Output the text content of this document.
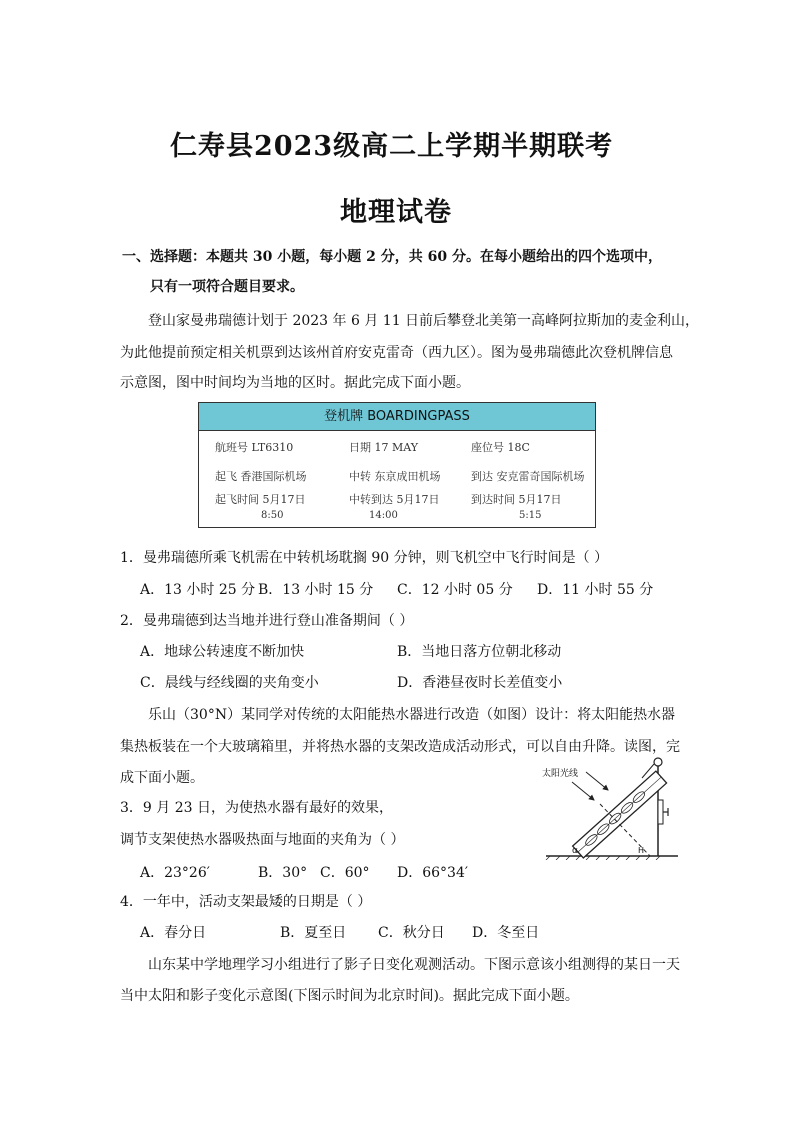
仁寿县2023级高二上学期半期联考
地理试卷
一、选择题：本题共 30 小题，每小题 2 分，共 60 分。在每小题给出的四个选项中，
只有一项符合题目要求。
登山家曼弗瑞德计划于 2023 年 6 月 11 日前后攀登北美第一高峰阿拉斯加的麦金利山，
为此他提前预定相关机票到达该州首府安克雷奇（西九区）。图为曼弗瑞德此次登机牌信息
示意图，图中时间均为当地的区时。据此完成下面小题。
登机牌 BOARDINGPASS
航班号 LT6310	日期 17 MAY	座位号 18C
起飞 香港国际机场	中转 东京成田机场	到达 安克雷奇国际机场
起飞时间 5月17日	中转到达 5月17日	到达时间 5月17日
8:50	14:00	5:15
1．曼弗瑞德所乘飞机需在中转机场耽搁 90 分钟，则飞机空中飞行时间是（ ）
A．13 小时 25 分 B．13 小时 15 分 C．12 小时 05 分 D．11 小时 55 分
2．曼弗瑞德到达当地并进行登山准备期间（ ）
A．地球公转速度不断加快	B．当地日落方位朝北移动
C．晨线与经线圈的夹角变小	D．香港昼夜时长差值变小
乐山（30°N）某同学对传统的太阳能热水器进行改造（如图）设计：将太阳能热水器
集热板装在一个大玻璃箱里，并将热水器的支架改造成活动形式，可以自由升降。读图，完
成下面小题。	太阳光线
α	H
3．9 月 23 日，为使热水器有最好的效果，
调节支架使热水器吸热面与地面的夹角为（ ）
A．23°26′	B．30° C．60° D．66°34′
4．一年中，活动支架最矮的日期是（ ）
A．春分日	B．夏至日 C．秋分日 D．冬至日
山东某中学地理学习小组进行了影子日变化观测活动。下图示意该小组测得的某日一天
当中太阳和影子变化示意图(下图示时间为北京时间)。据此完成下面小题。
